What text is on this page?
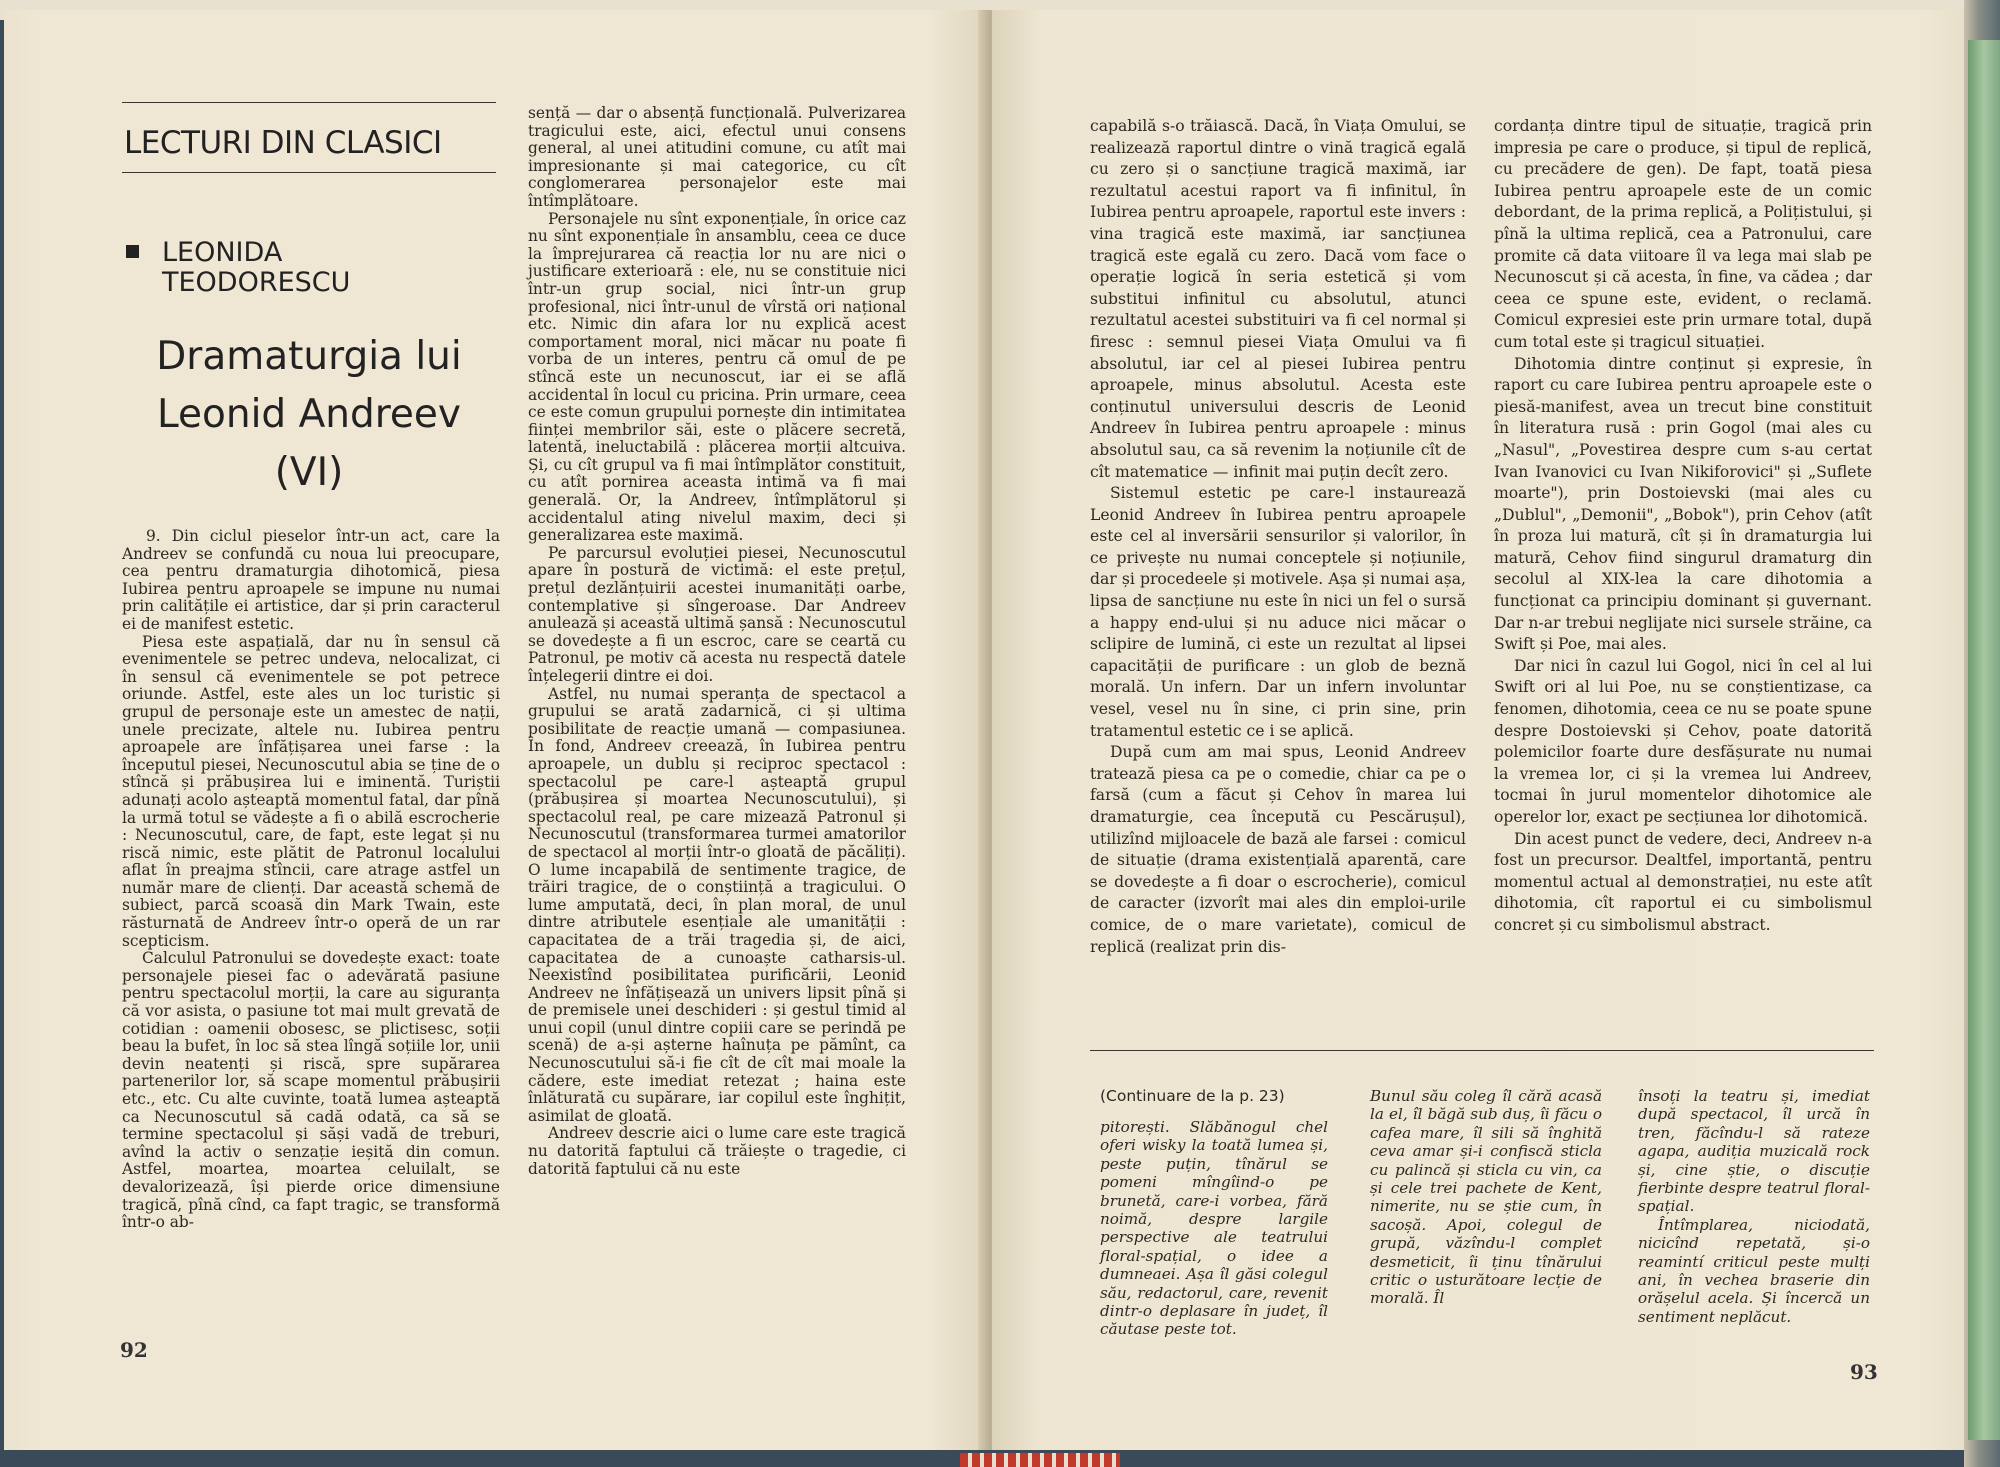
LECTURI DIN CLASICI
LEONIDA
TEODORESCU
Dramaturgia lui
Leonid Andreev
(VI)

9. Din ciclul pieselor într-un act, care la Andreev se confundă cu noua lui preocupare, cea pentru dramaturgia dihotomică, piesa Iubirea pentru aproapele se impune nu numai prin calitățile ei artistice, dar și prin caracterul ei de manifest estetic.

Piesa este aspațială, dar nu în sensul că evenimentele se petrec undeva, nelocalizat, ci în sensul că evenimentele se pot petrece oriunde. Astfel, este ales un loc turistic și grupul de personaje este un amestec de nații, unele precizate, altele nu. Iubirea pentru aproapele are înfățișarea unei farse : la începutul piesei, Necunoscutul abia se ține de o stîncă și prăbușirea lui e iminentă. Turiștii adunați acolo așteaptă momentul fatal, dar pînă la urmă totul se vădește a fi o abilă escrocherie : Necunoscutul, care, de fapt, este legat și nu riscă nimic, este plătit de Patronul localului aflat în preajma stîncii, care atrage astfel un număr mare de clienți. Dar această schemă de subiect, parcă scoasă din Mark Twain, este răsturnată de Andreev într-o operă de un rar scepticism.

Calculul Patronului se dovedește exact: toate personajele piesei fac o adevărată pasiune pentru spectacolul morții, la care au siguranța că vor asista, o pasiune tot mai mult grevată de cotidian : oamenii obosesc, se plictisesc, soții beau la bufet, în loc să stea lîngă soțiile lor, unii devin neatenți și riscă, spre supărarea partenerilor lor, să scape momentul prăbușirii etc., etc. Cu alte cuvinte, toată lumea așteaptă ca Necunoscutul să cadă odată, ca să se termine spectacolul și săși vadă de treburi, avînd la activ o senzație ieșită din comun. Astfel, moartea, moartea celuilalt, se devalorizează, își pierde orice dimensiune tragică, pînă cînd, ca fapt tragic, se transformă într-o ab-

sență — dar o absență funcțională. Pulverizarea tragicului este, aici, efectul unui consens general, al unei atitudini comune, cu atît mai impresionante și mai categorice, cu cît conglomerarea personajelor este mai întîmplătoare.

Personajele nu sînt exponențiale, în orice caz nu sînt exponențiale în ansamblu, ceea ce duce la împrejurarea că reacția lor nu are nici o justificare exterioară : ele, nu se constituie nici într-un grup social, nici într-un grup profesional, nici într-unul de vîrstă ori național etc. Nimic din afara lor nu explică acest comportament moral, nici măcar nu poate fi vorba de un interes, pentru că omul de pe stîncă este un necunoscut, iar ei se află accidental în locul cu pricina. Prin urmare, ceea ce este comun grupului pornește din intimitatea ființei membrilor săi, este o plăcere secretă, latentă, ineluctabilă : plăcerea morții altcuiva. Și, cu cît grupul va fi mai întîmplător constituit, cu atît pornirea aceasta intimă va fi mai generală. Or, la Andreev, întîmplătorul și accidentalul ating nivelul maxim, deci și generalizarea este maximă.

Pe parcursul evoluției piesei, Necunoscutul apare în postură de victimă: el este prețul, prețul dezlănțuirii acestei inumanități oarbe, contemplative și sîngeroase. Dar Andreev anulează și această ultimă șansă : Necunoscutul se dovedește a fi un escroc, care se ceartă cu Patronul, pe motiv că acesta nu respectă datele înțelegerii dintre ei doi.

Astfel, nu numai speranța de spectacol a grupului se arată zadarnică, ci și ultima posibilitate de reacție umană — compasiunea. În fond, Andreev creează, în Iubirea pentru aproapele, un dublu și reciproc spectacol : spectacolul pe care-l așteaptă grupul (prăbușirea și moartea Necunoscutului), și spectacolul real, pe care mizează Patronul și Necunoscutul (transformarea turmei amatorilor de spectacol al morții într-o gloată de păcăliți). O lume incapabilă de sentimente tragice, de trăiri tragice, de o conștiință a tragicului. O lume amputată, deci, în plan moral, de unul dintre atributele esențiale ale umanității : capacitatea de a trăi tragedia și, de aici, capacitatea de a cunoaște catharsis-ul. Neexistînd posibilitatea purificării, Leonid Andreev ne înfățișează un univers lipsit pînă și de premisele unei deschideri : și gestul timid al unui copil (unul dintre copiii care se perindă pe scenă) de a-și așterne haînuța pe pămînt, ca Necunoscutului să-i fie cît de cît mai moale la cădere, este imediat retezat ; haina este înlăturată cu supărare, iar copilul este înghițit, asimilat de gloată.

Andreev descrie aici o lume care este tragică nu datorită faptului că trăiește o tragedie, ci datorită faptului că nu este

92

capabilă s-o trăiască. Dacă, în Viața Omului, se realizează raportul dintre o vină tragică egală cu zero și o sancțiune tragică maximă, iar rezultatul acestui raport va fi infinitul, în Iubirea pentru aproapele, raportul este invers : vina tragică este maximă, iar sancțiunea tragică este egală cu zero. Dacă vom face o operație logică în seria estetică și vom substitui infinitul cu absolutul, atunci rezultatul acestei substituiri va fi cel normal și firesc : semnul piesei Viața Omului va fi absolutul, iar cel al piesei Iubirea pentru aproapele, minus absolutul. Acesta este conținutul universului descris de Leonid Andreev în Iubirea pentru aproapele : minus absolutul sau, ca să revenim la noțiunile cît de cît matematice — infinit mai puțin decît zero.

Sistemul estetic pe care-l instaurează Leonid Andreev în Iubirea pentru aproapele este cel al inversării sensurilor și valorilor, în ce privește nu numai conceptele și noțiunile, dar și procedeele și motivele. Așa și numai așa, lipsa de sancțiune nu este în nici un fel o sursă a happy end-ului și nu aduce nici măcar o sclipire de lumină, ci este un rezultat al lipsei capacității de purificare : un glob de beznă morală. Un infern. Dar un infern involuntar vesel, vesel nu în sine, ci prin sine, prin tratamentul estetic ce i se aplică.

După cum am mai spus, Leonid Andreev tratează piesa ca pe o comedie, chiar ca pe o farsă (cum a făcut și Cehov în marea lui dramaturgie, cea începută cu Pescărușul), utilizînd mijloacele de bază ale farsei : comicul de situație (drama existențială aparentă, care se dovedește a fi doar o escrocherie), comicul de caracter (izvorît mai ales din emploi-urile comice, de o mare varietate), comicul de replică (realizat prin dis-

cordanța dintre tipul de situație, tragică prin impresia pe care o produce, și tipul de replică, cu precădere de gen). De fapt, toată piesa Iubirea pentru aproapele este de un comic debordant, de la prima replică, a Polițistului, și pînă la ultima replică, cea a Patronului, care promite că data viitoare îl va lega mai slab pe Necunoscut și că acesta, în fine, va cădea ; dar ceea ce spune este, evident, o reclamă. Comicul expresiei este prin urmare total, după cum total este și tragicul situației.

Dihotomia dintre conținut și expresie, în raport cu care Iubirea pentru aproapele este o piesă-manifest, avea un trecut bine constituit în literatura rusă : prin Gogol (mai ales cu „Nasul", „Povestirea despre cum s-au certat Ivan Ivanovici cu Ivan Nikiforovici" și „Suflete moarte"), prin Dostoievski (mai ales cu „Dublul", „Demonii", „Bobok"), prin Cehov (atît în proza lui matură, cît și în dramaturgia lui matură, Cehov fiind singurul dramaturg din secolul al XIX-lea la care dihotomia a funcționat ca principiu dominant și guvernant. Dar n-ar trebui neglijate nici sursele străine, ca Swift și Poe, mai ales.

Dar nici în cazul lui Gogol, nici în cel al lui Swift ori al lui Poe, nu se conștientizase, ca fenomen, dihotomia, ceea ce nu se poate spune despre Dostoievski și Cehov, poate datorită polemicilor foarte dure desfășurate nu numai la vremea lor, ci și la vremea lui Andreev, tocmai în jurul momentelor dihotomice ale operelor lor, exact pe secțiunea lor dihotomică.

Din acest punct de vedere, deci, Andreev n-a fost un precursor. Dealtfel, importantă, pentru momentul actual al demonstrației, nu este atît dihotomia, cît raportul ei cu simbolismul concret și cu simbolismul abstract.

(Continuare de la p. 23)

pitorești. Slăbănogul chel oferi wisky la toată lumea și, peste puțin, tînărul se pomeni mîngîind-o pe brunetă, care-i vorbea, fără noimă, despre largile perspective ale teatrului floral-spațial, o idee a dumneaei. Așa îl găsi colegul său, redactorul, care, revenit dintr-o deplasare în județ, îl căutase peste tot.

Bunul său coleg îl cără acasă la el, îl băgă sub duș, îi făcu o cafea mare, îl sili să înghită ceva amar și-i confiscă sticla cu palincă și sticla cu vin, ca și cele trei pachete de Kent, nimerite, nu se știe cum, în sacoșă. Apoi, colegul de grupă, văzîndu-l complet desmeticit, îi ținu tînărului critic o usturătoare lecție de morală. Îl

însoți la teatru și, imediat după spectacol, îl urcă în tren, făcîndu-l să rateze agapa, audiția muzicală rock și, cine știe, o discuție fierbinte despre teatrul floral-spațial.

Întîmplarea, niciodată, nicicînd repetată, și-o reamintí criticul peste mulți ani, în vechea braserie din orășelul acela. Și încercă un sentiment neplăcut.

93
